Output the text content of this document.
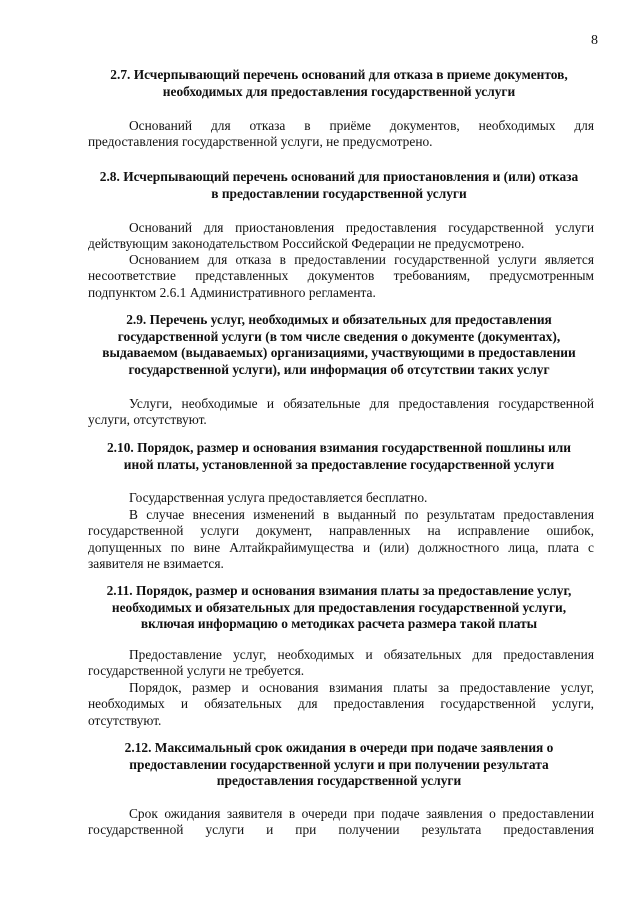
8
2.7. Исчерпывающий перечень оснований для отказа в приеме документов,
необходимых для предоставления государственной услуги
Оснований для отказа в приёме документов, необходимых для
предоставления государственной услуги, не предусмотрено.
2.8. Исчерпывающий перечень оснований для приостановления и (или) отказа
в предоставлении государственной услуги
Оснований для приостановления предоставления государственной услуги
действующим законодательством Российской Федерации не предусмотрено.
Основанием для отказа в предоставлении государственной услуги является
несоответствие представленных документов требованиям, предусмотренным
подпунктом 2.6.1 Административного регламента.
2.9. Перечень услуг, необходимых и обязательных для предоставления
государственной услуги (в том числе сведения о документе (документах),
выдаваемом (выдаваемых) организациями, участвующими в предоставлении
государственной услуги), или информация об отсутствии таких услуг
Услуги, необходимые и обязательные для предоставления государственной
услуги, отсутствуют.
2.10. Порядок, размер и основания взимания государственной пошлины или
иной платы, установленной за предоставление государственной услуги
Государственная услуга предоставляется бесплатно.
В случае внесения изменений в выданный по результатам предоставления
государственной услуги документ, направленных на исправление ошибок,
допущенных по вине Алтайкрайимущества и (или) должностного лица, плата с
заявителя не взимается.
2.11. Порядок, размер и основания взимания платы за предоставление услуг,
необходимых и обязательных для предоставления государственной услуги,
включая информацию о методиках расчета размера такой платы
Предоставление услуг, необходимых и обязательных для предоставления
государственной услуги не требуется.
Порядок, размер и основания взимания платы за предоставление услуг,
необходимых и обязательных для предоставления государственной услуги,
отсутствуют.
2.12. Максимальный срок ожидания в очереди при подаче заявления о
предоставлении государственной услуги и при получении результата
предоставления государственной услуги
Срок ожидания заявителя в очереди при подаче заявления о предоставлении
государственной услуги и при получении результата предоставления
